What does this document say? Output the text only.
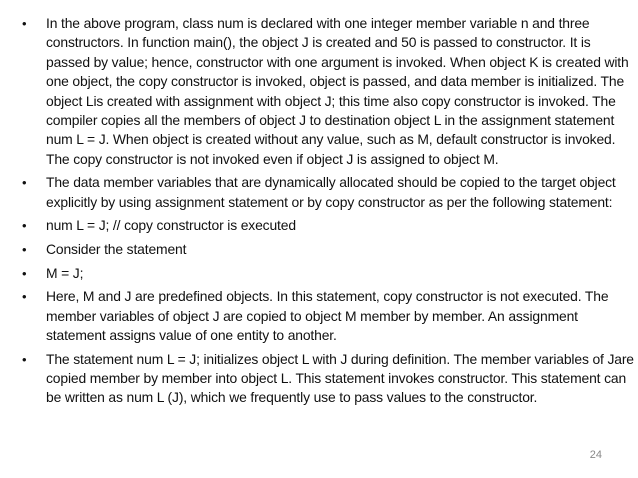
• In the above program, class num is declared with one integer member variable n and three constructors. In function main(), the object J is created and 50 is passed to constructor. It is passed by value; hence, constructor with one argument is invoked. When object K is created with one object, the copy constructor is invoked, object is passed, and data member is initialized. The object Lis created with assignment with object J; this time also copy constructor is invoked. The compiler copies all the members of object J to destination object L in the assignment statement num L = J. When object is created without any value, such as M, default constructor is invoked. The copy constructor is not invoked even if object J is assigned to object M.
• The data member variables that are dynamically allocated should be copied to the target object explicitly by using assignment statement or by copy constructor as per the following statement:
• num L = J; // copy constructor is executed
• Consider the statement
• M = J;
• Here, M and J are predefined objects. In this statement, copy constructor is not executed. The member variables of object J are copied to object M member by member. An assignment statement assigns value of one entity to another.
• The statement num L = J; initializes object L with J during definition. The member variables of Jare copied member by member into object L. This statement invokes constructor. This statement can be written as num L (J), which we frequently use to pass values to the constructor.
24
